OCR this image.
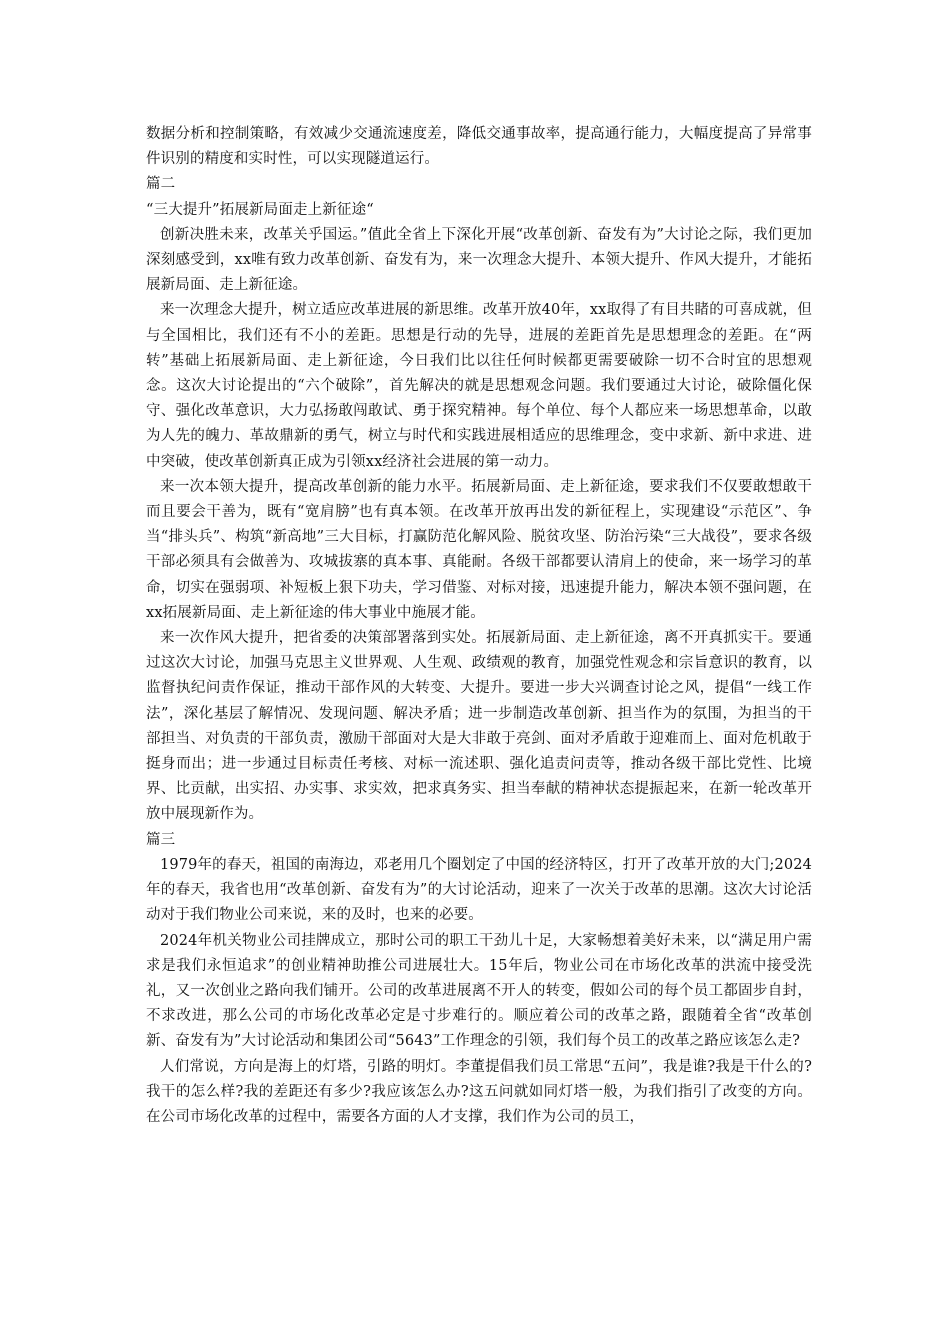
数据分析和控制策略，有效减少交通流速度差，降低交通事故率，提高通行能力，大幅度提高了异常事件识别的精度和实时性，可以实现隧道运行。

篇二

“三大提升”拓展新局面走上新征途“

创新决胜未来，改革关乎国运。”值此全省上下深化开展“改革创新、奋发有为”大讨论之际，我们更加深刻感受到，xx唯有致力改革创新、奋发有为，来一次理念大提升、本领大提升、作风大提升，才能拓展新局面、走上新征途。

来一次理念大提升，树立适应改革进展的新思维。改革开放40年，xx取得了有目共睹的可喜成就，但与全国相比，我们还有不小的差距。思想是行动的先导，进展的差距首先是思想理念的差距。在“两转”基础上拓展新局面、走上新征途，今日我们比以往任何时候都更需要破除一切不合时宜的思想观念。这次大讨论提出的“六个破除”，首先解决的就是思想观念问题。我们要通过大讨论，破除僵化保守、强化改革意识，大力弘扬敢闯敢试、勇于探究精神。每个单位、每个人都应来一场思想革命，以敢为人先的魄力、革故鼎新的勇气，树立与时代和实践进展相适应的思维理念，变中求新、新中求进、进中突破，使改革创新真正成为引领xx经济社会进展的第一动力。

来一次本领大提升，提高改革创新的能力水平。拓展新局面、走上新征途，要求我们不仅要敢想敢干而且要会干善为，既有“宽肩膀”也有真本领。在改革开放再出发的新征程上，实现建设“示范区”、争当“排头兵”、构筑“新高地”三大目标，打赢防范化解风险、脱贫攻坚、防治污染“三大战役”，要求各级干部必须具有会做善为、攻城拔寨的真本事、真能耐。各级干部都要认清肩上的使命，来一场学习的革命，切实在强弱项、补短板上狠下功夫，学习借鉴、对标对接，迅速提升能力，解决本领不强问题，在xx拓展新局面、走上新征途的伟大事业中施展才能。

来一次作风大提升，把省委的决策部署落到实处。拓展新局面、走上新征途，离不开真抓实干。要通过这次大讨论，加强马克思主义世界观、人生观、政绩观的教育，加强党性观念和宗旨意识的教育，以监督执纪问责作保证，推动干部作风的大转变、大提升。要进一步大兴调查讨论之风，提倡“一线工作法”，深化基层了解情况、发现问题、解决矛盾；进一步制造改革创新、担当作为的氛围，为担当的干部担当、对负责的干部负责，激励干部面对大是大非敢于亮剑、面对矛盾敢于迎难而上、面对危机敢于挺身而出；进一步通过目标责任考核、对标一流述职、强化追责问责等，推动各级干部比党性、比境界、比贡献，出实招、办实事、求实效，把求真务实、担当奉献的精神状态提振起来，在新一轮改革开放中展现新作为。

篇三

1979年的春天，祖国的南海边，邓老用几个圈划定了中国的经济特区，打开了改革开放的大门;2024年的春天，我省也用“改革创新、奋发有为”的大讨论活动，迎来了一次关于改革的思潮。这次大讨论活动对于我们物业公司来说，来的及时，也来的必要。

2024年机关物业公司挂牌成立，那时公司的职工干劲儿十足，大家畅想着美好未来，以“满足用户需求是我们永恒追求”的创业精神助推公司进展壮大。15年后，物业公司在市场化改革的洪流中接受洗礼，又一次创业之路向我们铺开。公司的改革进展离不开人的转变，假如公司的每个员工都固步自封，不求改进，那么公司的市场化改革必定是寸步难行的。顺应着公司的改革之路，跟随着全省“改革创新、奋发有为”大讨论活动和集团公司“5643”工作理念的引领，我们每个员工的改革之路应该怎么走?

人们常说，方向是海上的灯塔，引路的明灯。李董提倡我们员工常思“五问”，我是谁?我是干什么的?我干的怎么样?我的差距还有多少?我应该怎么办?这五问就如同灯塔一般，为我们指引了改变的方向。在公司市场化改革的过程中，需要各方面的人才支撑，我们作为公司的员工，
